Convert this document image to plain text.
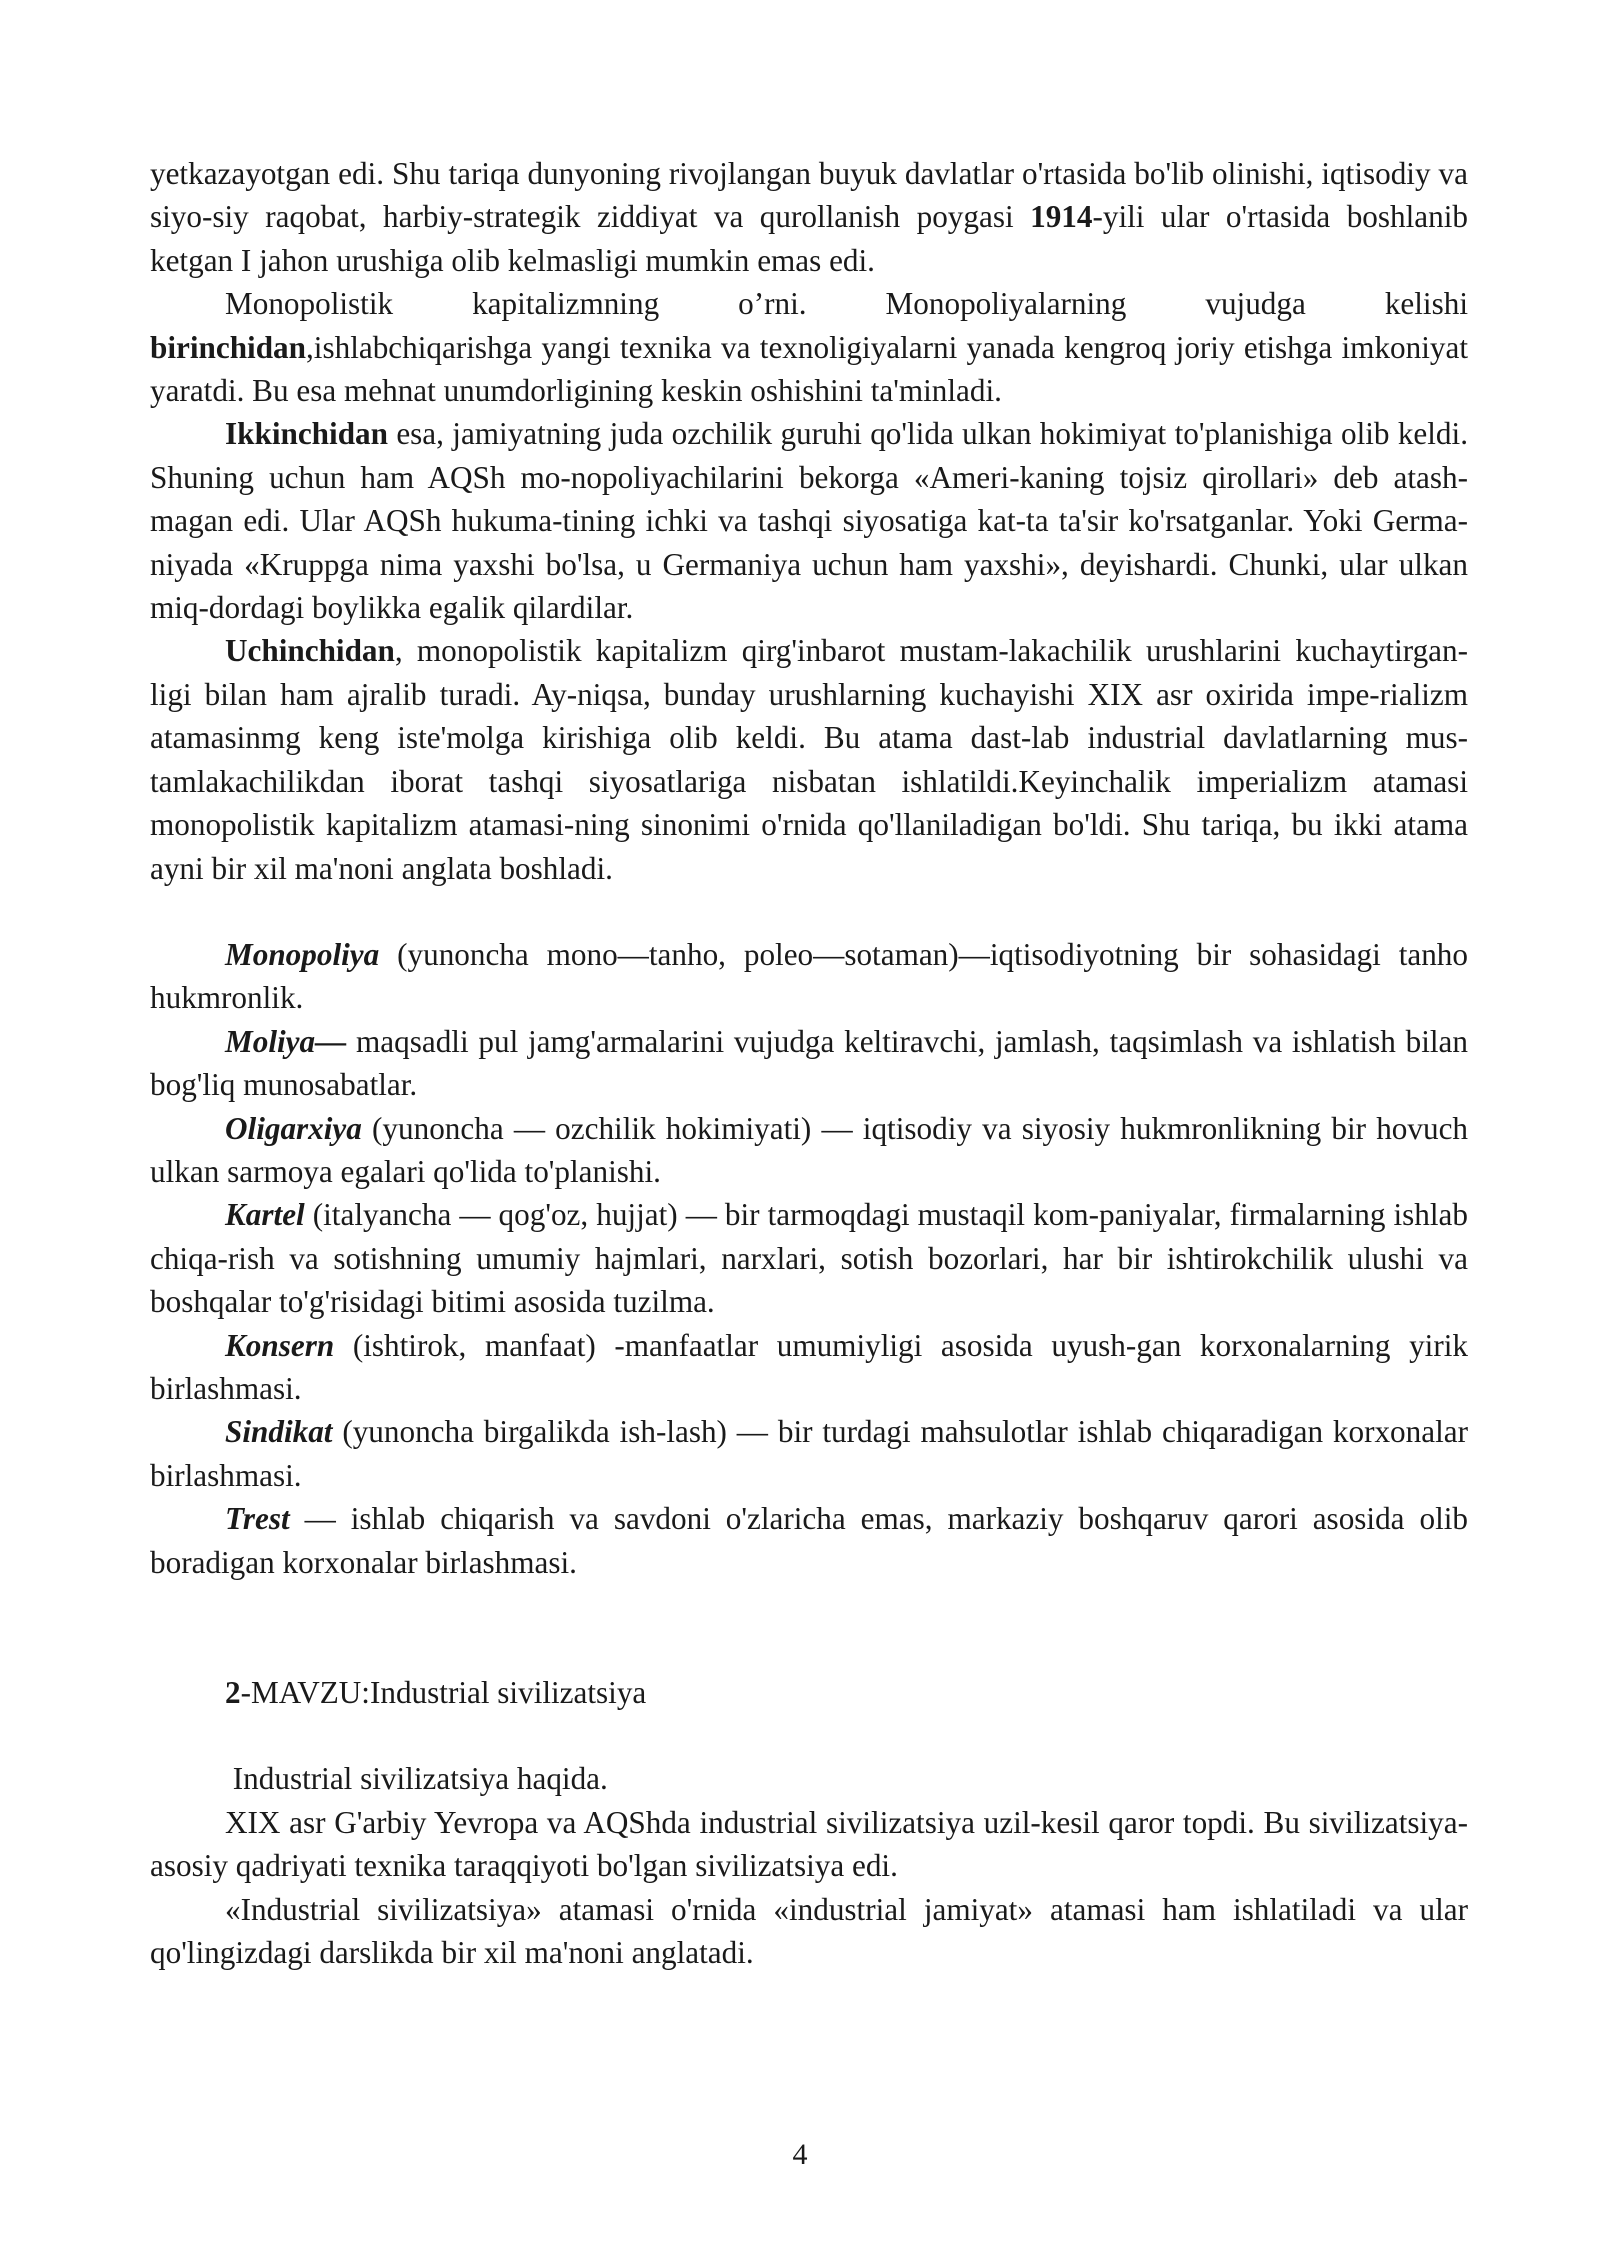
yetkazayotgan edi. Shu tariqa dunyoning rivojlangan buyuk davlatlar o'rtasida bo'lib olinishi, iqtisodiy va siyo-siy raqobat, harbiy-strategik ziddiyat va qurollanish poygasi 1914-yili ular o'rtasida boshlanib ketgan I jahon urushiga olib kelmasligi mumkin emas edi.

Monopolistik kapitalizmning o’rni. Monopoliyalarning vujudga kelishi birinchidan,ishlabchiqarishga yangi texnika va texnoligiyalarni yanada kengroq joriy etishga imkoniyat yaratdi. Bu esa mehnat unumdorligining keskin oshishini ta'minladi.

Ikkinchidan esa, jamiyatning juda ozchilik guruhi qo'lida ulkan hokimiyat to'planishiga olib keldi. Shuning uchun ham AQSh mo-nopoliyachilarini bekorga «Ameri-kaning tojsiz qirollari» deb atash-magan edi. Ular AQSh hukuma-tining ichki va tashqi siyosatiga kat-ta ta'sir ko'rsatganlar. Yoki Germa-niyada «Kruppga nima yaxshi bo'lsa, u Germaniya uchun ham yaxshi», deyishardi. Chunki, ular ulkan miq-dordagi boylikka egalik qilardilar.

Uchinchidan, monopolistik kapitalizm qirg'inbarot mustam-lakachilik urushlarini kuchaytirgan-ligi bilan ham ajralib turadi. Ay-niqsa, bunday urushlarning kuchayishi XIX asr oxirida impe-rializm atamasinmg keng iste'molga kirishiga olib keldi. Bu atama dast-lab industrial davlatlarning mus-tamlakachilikdan iborat tashqi siyosatlariga nisbatan ishlatildi.Keyinchalik imperializm atamasi monopolistik kapitalizm atamasi-ning sinonimi o'rnida qo'llaniladigan bo'ldi. Shu tariqa, bu ikki atama ayni bir xil ma'noni anglata boshladi.

Monopoliya (yunoncha mono—tanho, poleo—sotaman)—iqtisodiyotning bir sohasidagi tanho hukmronlik.

Moliya— maqsadli pul jamg'armalarini vujudga keltiravchi, jamlash, taqsimlash va ishlatish bilan bog'liq munosabatlar.

Oligarxiya (yunoncha — ozchilik hokimiyati) — iqtisodiy va siyosiy hukmronlikning bir hovuch ulkan sarmoya egalari qo'lida to'planishi.

Kartel (italyancha — qog'oz, hujjat) — bir tarmoqdagi mustaqil kom-paniyalar, firmalarning ishlab chiqa-rish va sotishning umumiy hajmlari, narxlari, sotish bozorlari, har bir ishtirokchilik ulushi va boshqalar to'g'risidagi bitimi asosida tuzilma.

Konsern (ishtirok, manfaat) -manfaatlar umumiyligi asosida uyush-gan korxonalarning yirik birlashmasi.

Sindikat (yunoncha birgalikda ish-lash) — bir turdagi mahsulotlar ishlab chiqaradigan korxonalar birlashmasi.

Trest — ishlab chiqarish va savdoni o'zlaricha emas, markaziy boshqaruv qarori asosida olib boradigan korxonalar birlashmasi.

2-MAVZU:Industrial sivilizatsiya

Industrial sivilizatsiya haqida.

XIX asr G'arbiy Yevropa va AQShda industrial sivilizatsiya uzil-kesil qaror topdi. Bu sivilizatsiya- asosiy qadriyati texnika taraqqiyoti bo'lgan sivilizatsiya edi.

«Industrial sivilizatsiya» atamasi o'rnida «industrial jamiyat» atamasi ham ishlatiladi va ular qo'lingizdagi darslikda bir xil ma'noni anglatadi.

4
